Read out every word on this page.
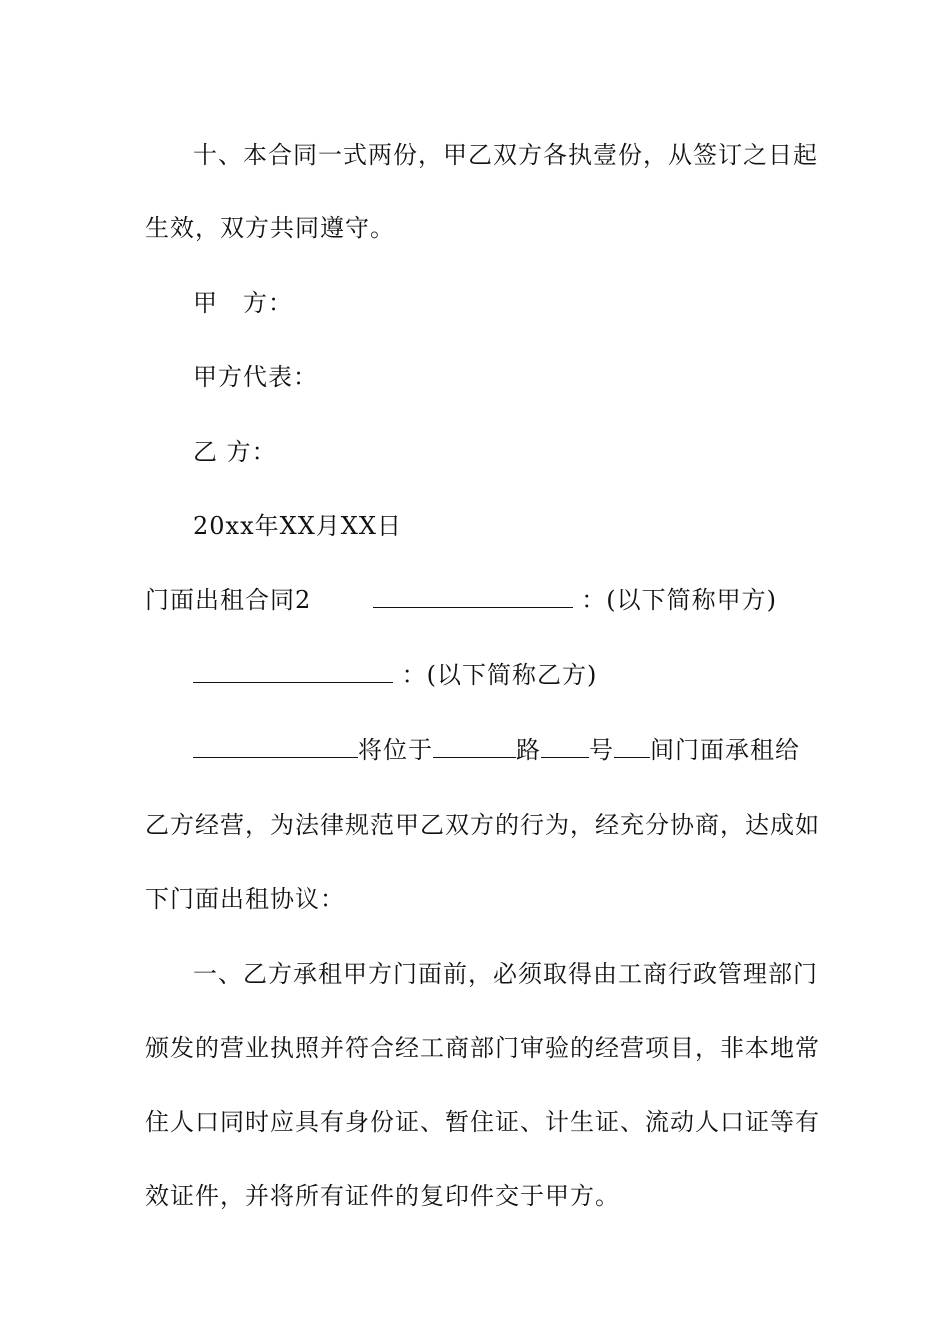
十、本合同一式两份，甲乙双方各执壹份，从签订之日起
生效，双方共同遵守。
甲　方：
甲方代表：
乙 方：
20xx年XX月XX日
门面出租合同2	：(以下简称甲方)
：(以下简称乙方)
将位于	路 号 间门面承租给
乙方经营，为法律规范甲乙双方的行为，经充分协商，达成如
下门面出租协议：
一、乙方承租甲方门面前，必须取得由工商行政管理部门
颁发的营业执照并符合经工商部门审验的经营项目，非本地常
住人口同时应具有身份证、暂住证、计生证、流动人口证等有
效证件，并将所有证件的复印件交于甲方。
